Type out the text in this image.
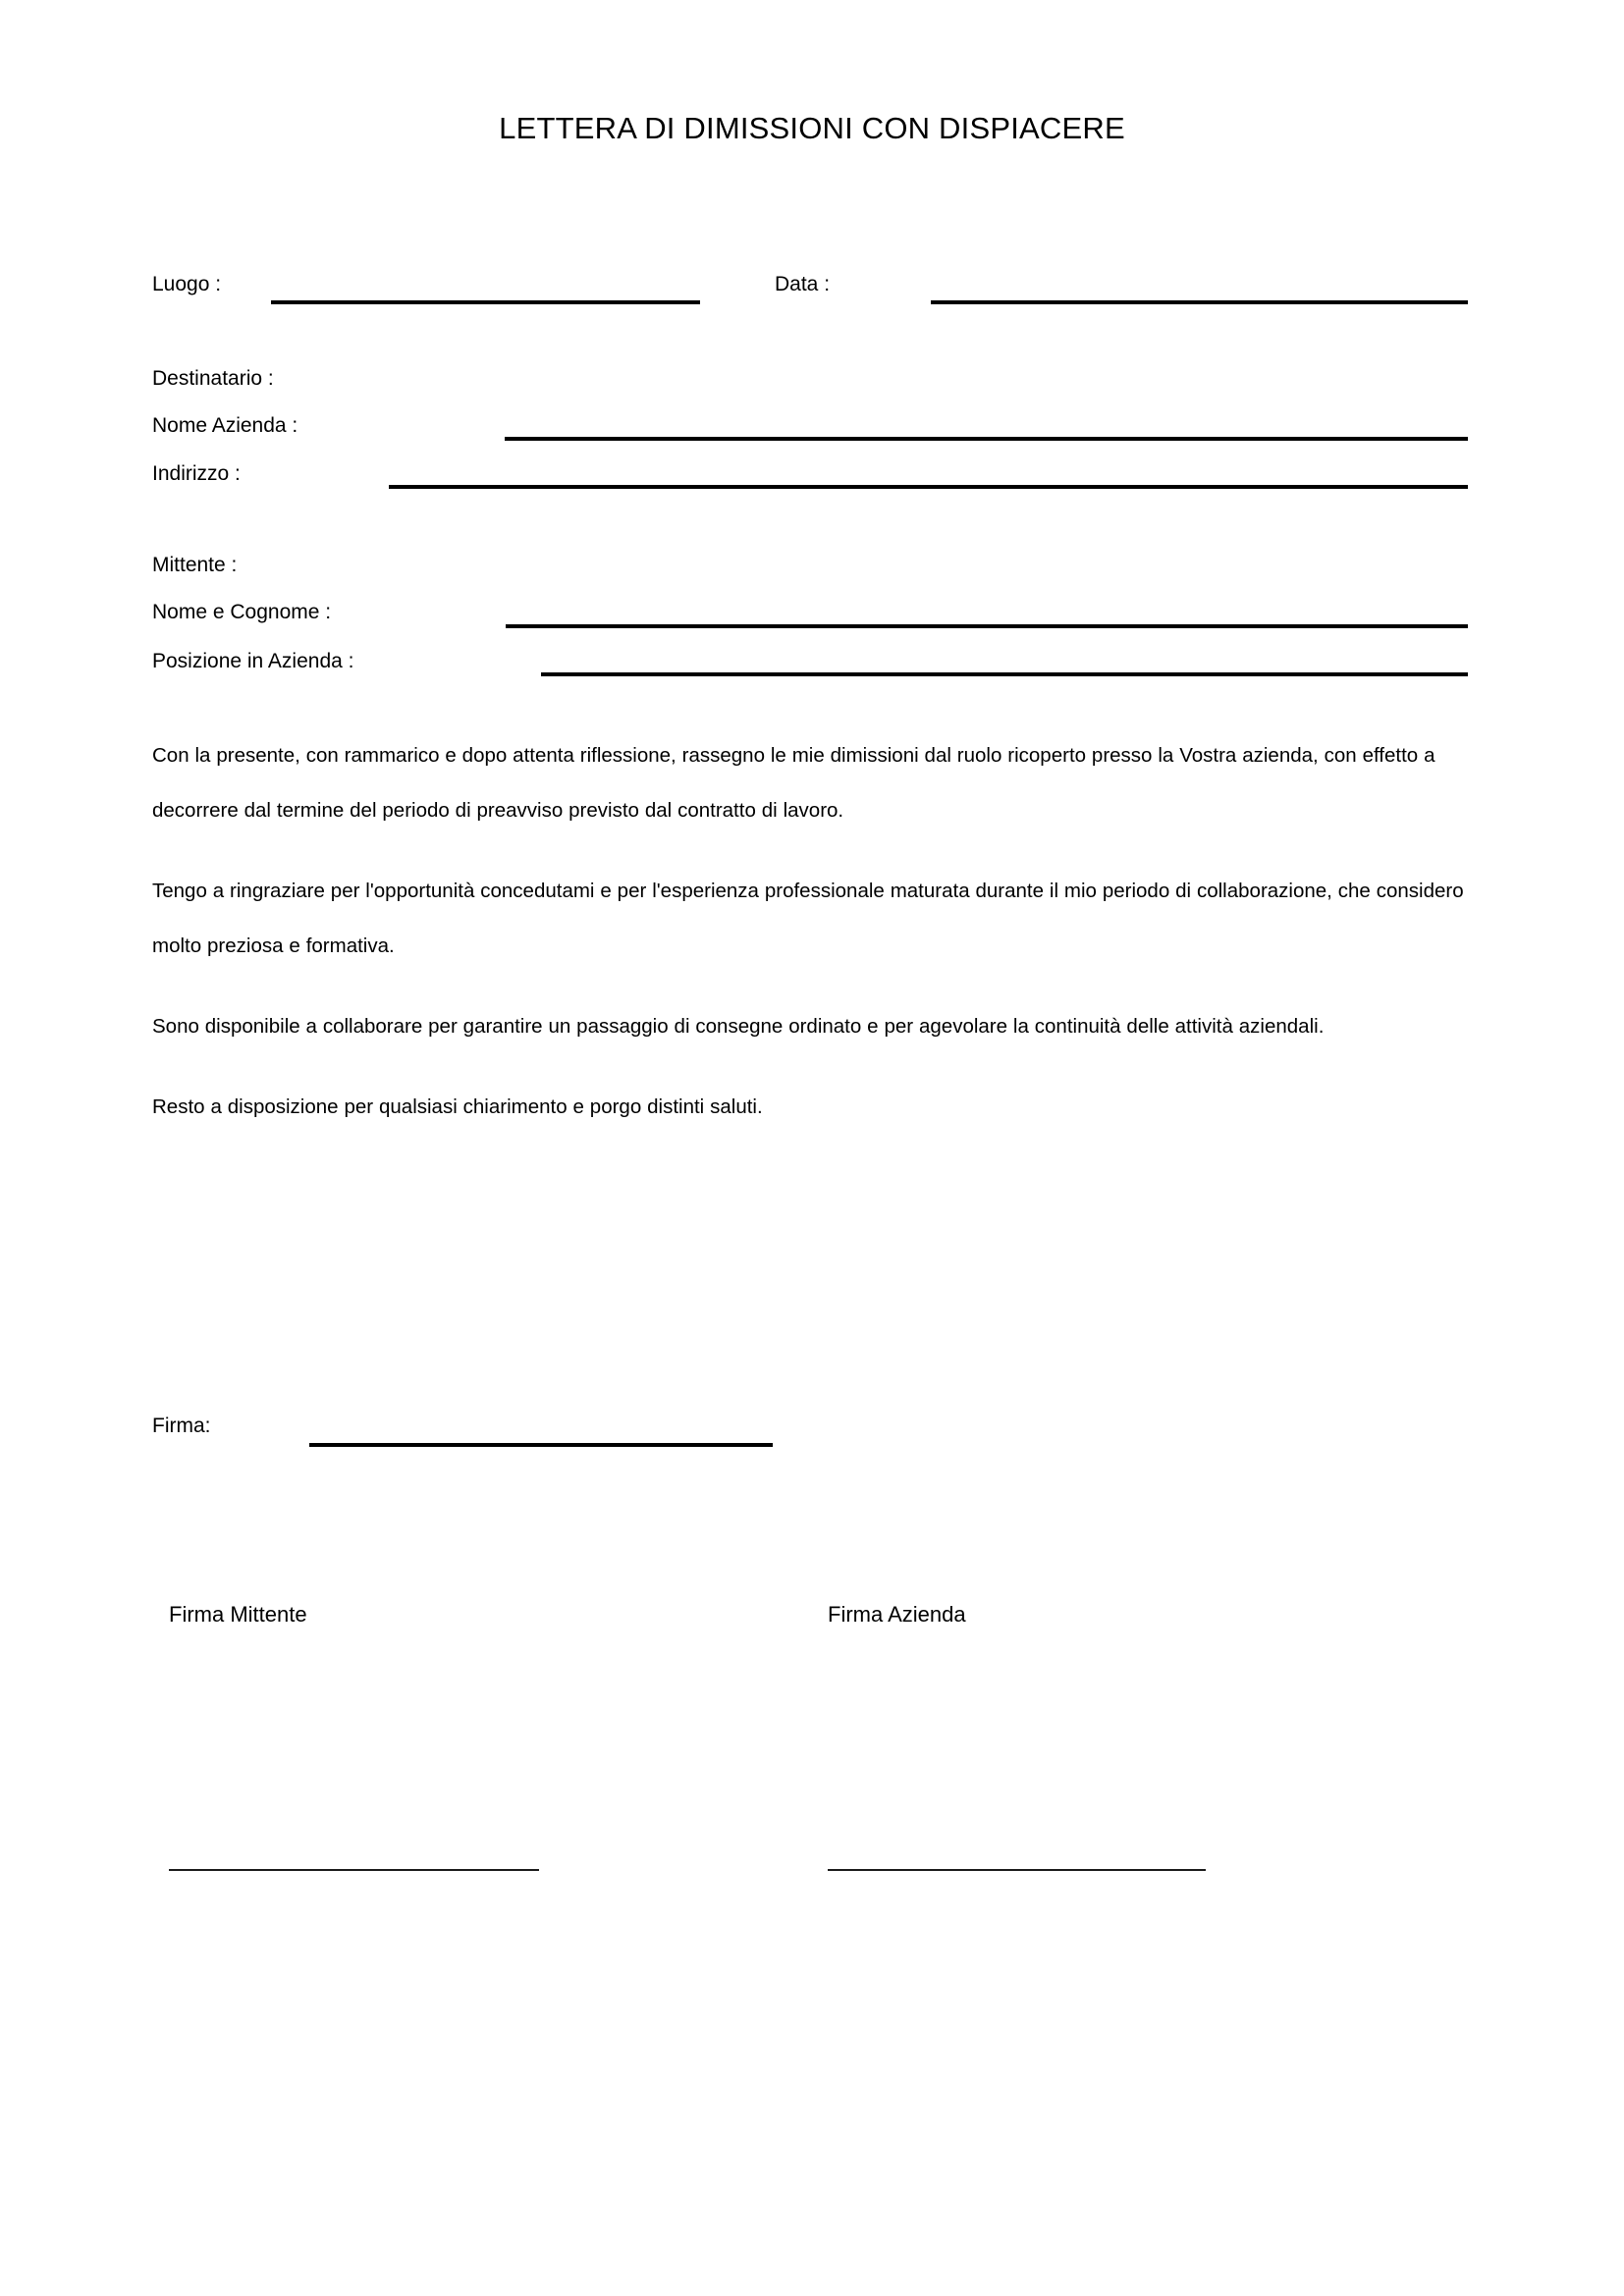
LETTERA DI DIMISSIONI CON DISPIACERE
Luogo :	Data :
Destinatario :
Nome Azienda :
Indirizzo :
Mittente :
Nome e Cognome :
Posizione in Azienda :

Con la presente, con rammarico e dopo attenta riflessione, rassegno le mie dimissioni dal ruolo ricoperto presso la Vostra azienda, con effetto a decorrere dal termine del periodo di preavviso previsto dal contratto di lavoro.

Tengo a ringraziare per l'opportunità concedutami e per l'esperienza professionale maturata durante il mio periodo di collaborazione, che considero molto preziosa e formativa.

Sono disponibile a collaborare per garantire un passaggio di consegne ordinato e per agevolare la continuità delle attività aziendali.

Resto a disposizione per qualsiasi chiarimento e porgo distinti saluti.

Firma:
Firma Mittente	Firma Azienda
